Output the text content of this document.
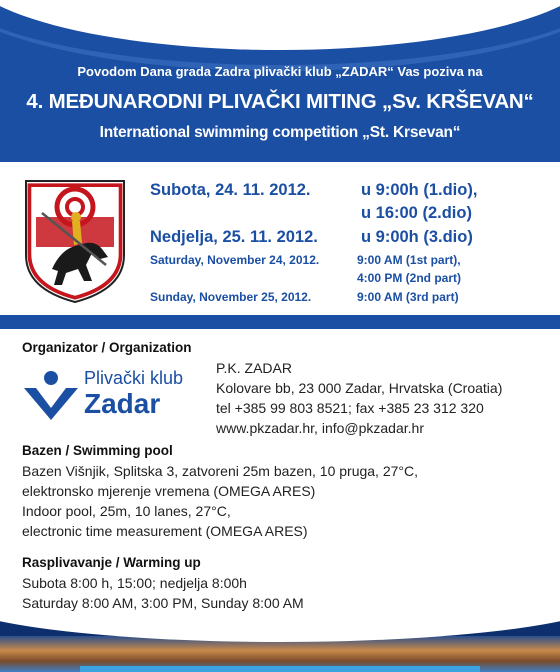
Povodom Dana grada Zadra plivački klub „ZADAR“ Vas poziva na
4. MEĐUNARODNI PLIVAČKI MITING „Sv. KRŠEVAN“
International swimming competition „St. Krsevan“
Subota, 24. 11. 2012.	u 9:00h (1.dio),
u 16:00 (2.dio)
Nedjelja, 25. 11. 2012.	u 9:00h (3.dio)
Saturday, November 24, 2012.	9:00 AM (1st part),
4:00 PM (2nd part)
Sunday, November 25, 2012.	9:00 AM (3rd part)
Organizator / Organization
Plivački klub
Zadar
P.K. ZADAR
Kolovare bb, 23 000 Zadar, Hrvatska (Croatia)
tel +385 99 803 8521; fax +385 23 312 320
www.pkzadar.hr, info@pkzadar.hr
Bazen / Swimming pool
Bazen Višnjik, Splitska 3, zatvoreni 25m bazen, 10 pruga, 27°C,
elektronsko mjerenje vremena (OMEGA ARES)
Indoor pool, 25m, 10 lanes, 27°C,
electronic time measurement (OMEGA ARES)
Rasplivavanje / Warming up
Subota 8:00 h, 15:00; nedjelja 8:00h
Saturday 8:00 AM, 3:00 PM, Sunday 8:00 AM
